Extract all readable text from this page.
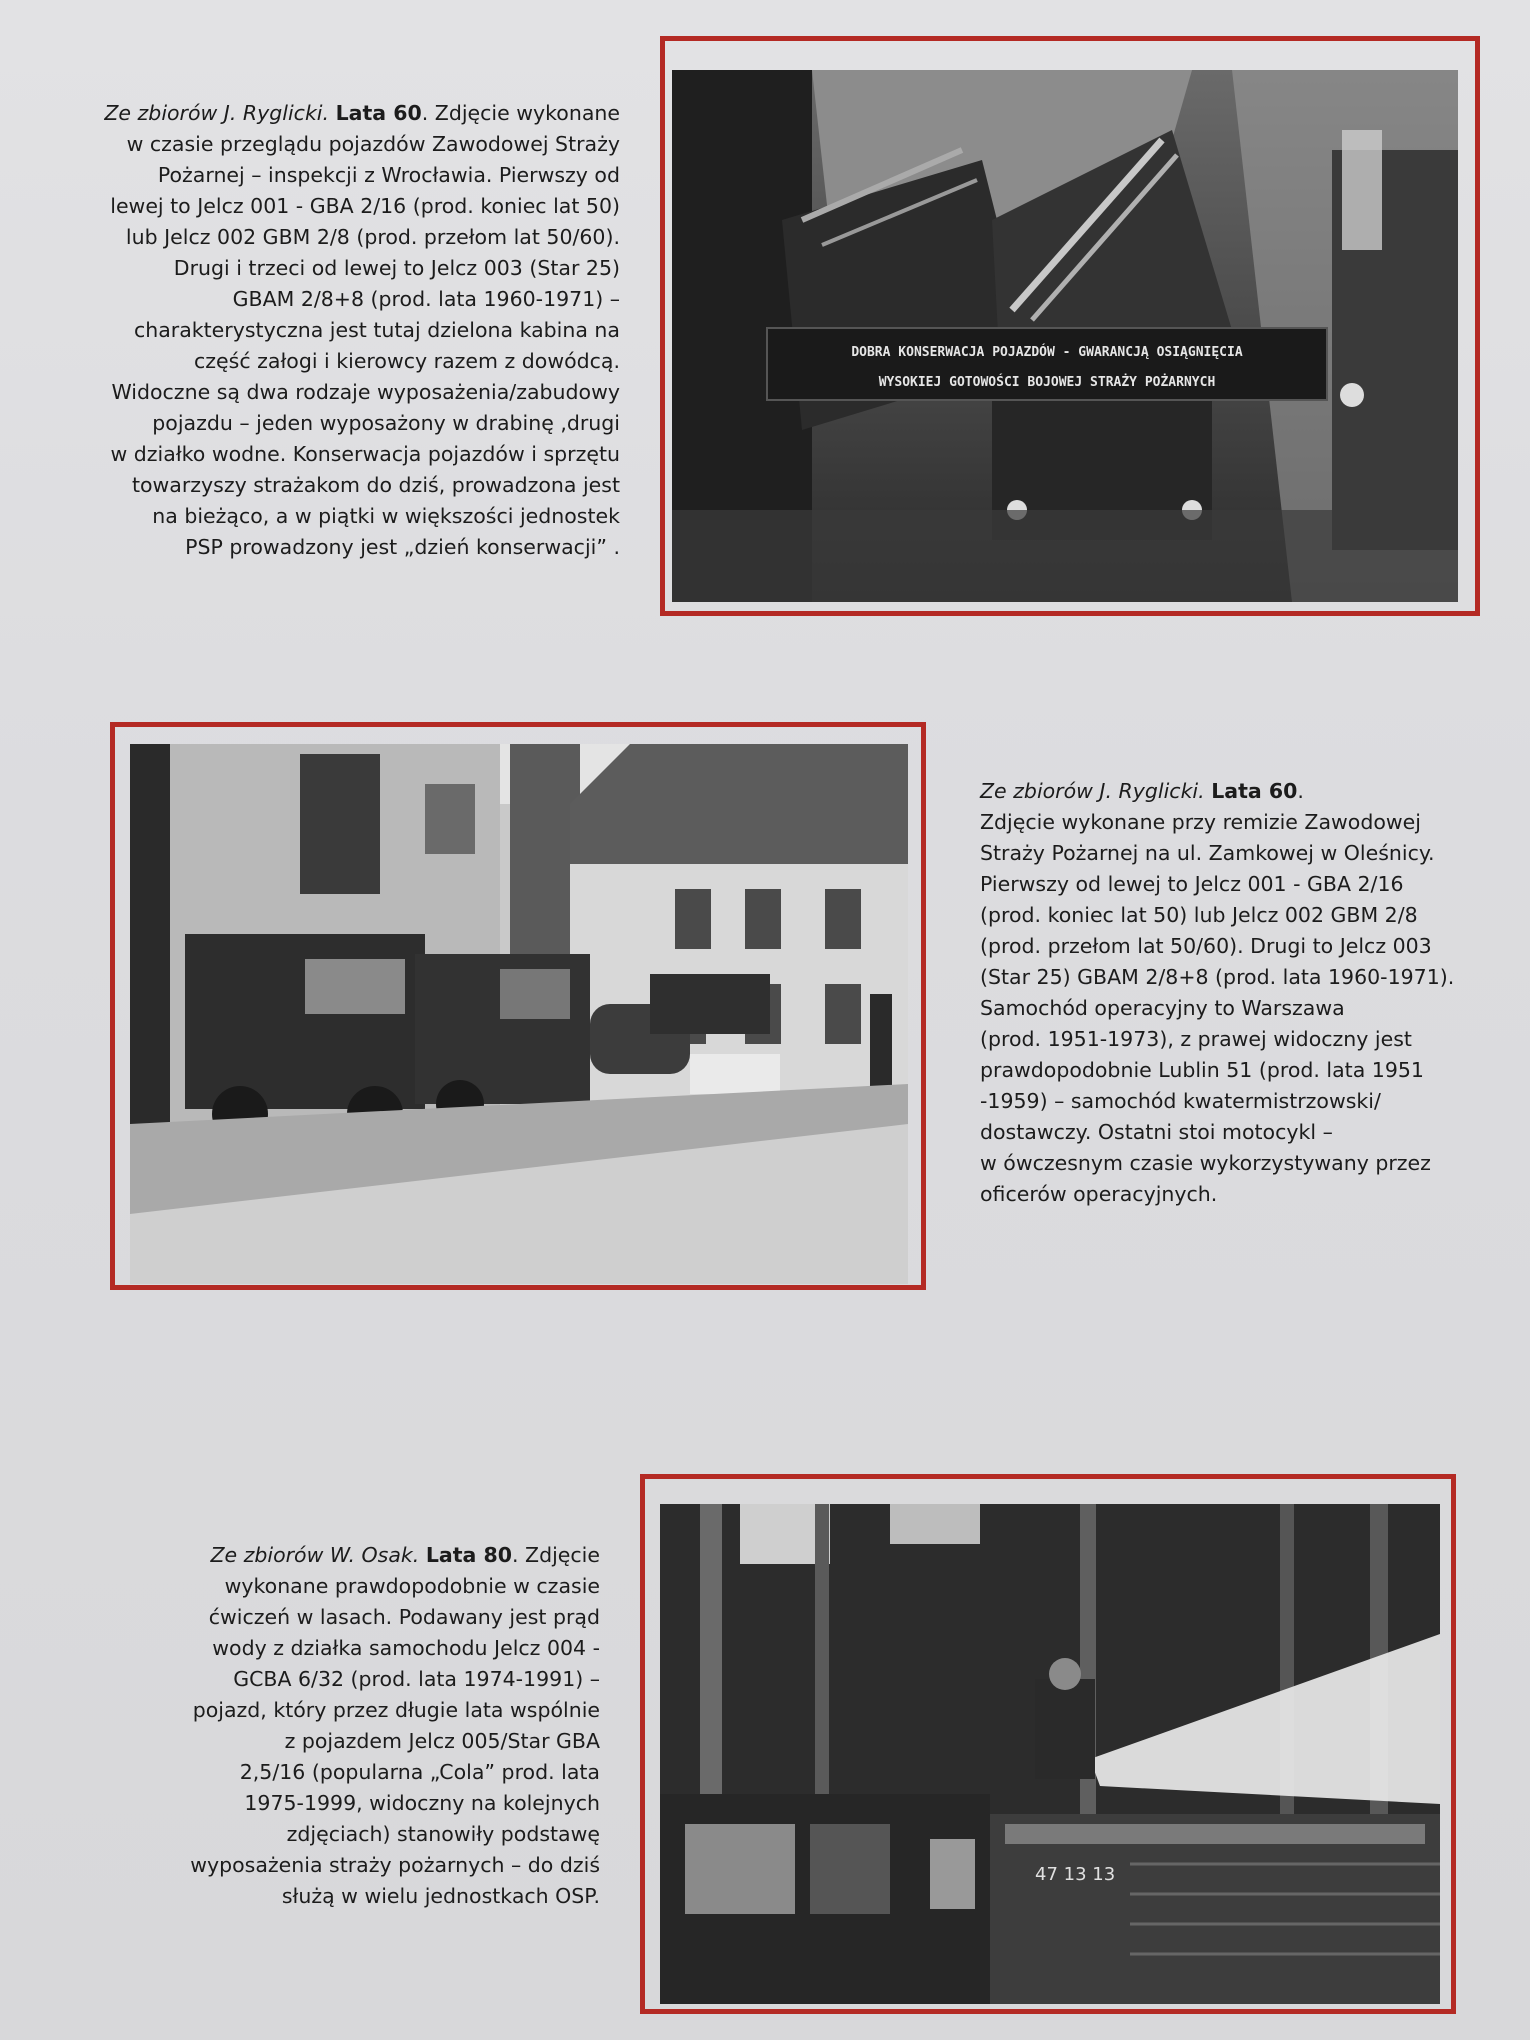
Ze zbiorów J. Ryglicki. Lata 60. Zdjęcie wykonane

w czasie przeglądu pojazdów Zawodowej Straży

Pożarnej – inspekcji z Wrocławia. Pierwszy od

lewej to Jelcz 001 - GBA 2/16 (prod. koniec lat 50)

lub Jelcz 002 GBM 2/8 (prod. przełom lat 50/60).

Drugi i trzeci od lewej to Jelcz 003 (Star 25)

GBAM 2/8+8 (prod. lata 1960-1971) –

charakterystyczna jest tutaj dzielona kabina na

część załogi i kierowcy razem z dowódcą.

Widoczne są dwa rodzaje wyposażenia/zabudowy

pojazdu – jeden wyposażony w drabinę ,drugi

w działko wodne. Konserwacja pojazdów i sprzętu

towarzyszy strażakom do dziś, prowadzona jest

na bieżąco, a w piątki w większości jednostek

PSP prowadzony jest „dzień konserwacji” .

DOBRA KONSERWACJA POJAZDÓW - GWARANCJĄ OSIĄGNIĘCIA
WYSOKIEJ GOTOWOŚCI BOJOWEJ STRAŻY POŻARNYCH

Ze zbiorów J. Ryglicki. Lata 60.

Zdjęcie wykonane przy remizie Zawodowej

Straży Pożarnej na ul. Zamkowej w Oleśnicy.

Pierwszy od lewej to Jelcz 001 - GBA 2/16

(prod. koniec lat 50) lub Jelcz 002 GBM 2/8

(prod. przełom lat 50/60). Drugi to Jelcz 003

(Star 25) GBAM 2/8+8 (prod. lata 1960-1971).

Samochód operacyjny to Warszawa

(prod. 1951-1973), z prawej widoczny jest

prawdopodobnie Lublin 51 (prod. lata 1951

-1959) – samochód kwatermistrzowski/

dostawczy. Ostatni stoi motocykl –

w ówczesnym czasie wykorzystywany przez

oficerów operacyjnych.

Ze zbiorów W. Osak. Lata 80. Zdjęcie

wykonane prawdopodobnie w czasie

ćwiczeń w lasach. Podawany jest prąd

wody z działka samochodu Jelcz 004 -

GCBA 6/32 (prod. lata 1974-1991) –

pojazd, który przez długie lata wspólnie

z pojazdem Jelcz 005/Star GBA

2,5/16 (popularna „Cola” prod. lata

1975-1999, widoczny na kolejnych

zdjęciach) stanowiły podstawę

wyposażenia straży pożarnych – do dziś

służą w wielu jednostkach OSP.

47 13 13
